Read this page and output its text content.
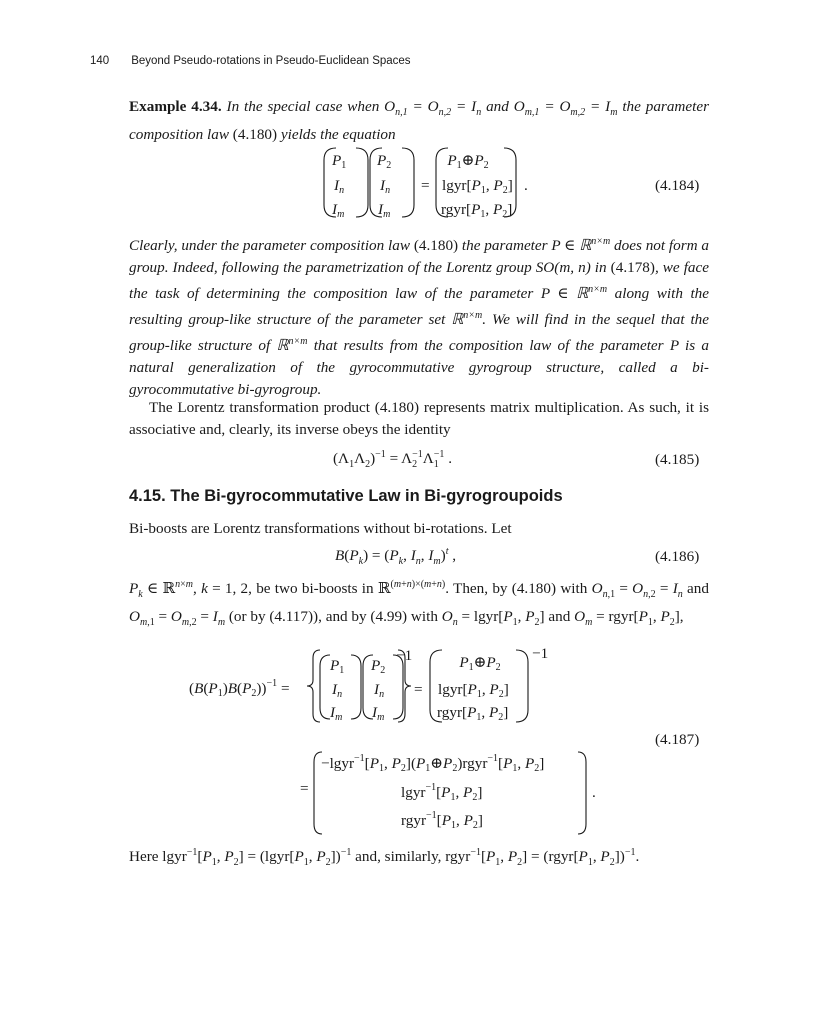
140 Beyond Pseudo-rotations in Pseudo-Euclidean Spaces

Example 4.34. In the special case when $O_{n,1} = O_{n,2} = I_n$ and $O_{m,1} = O_{m,2} = I_m$ the parameter composition law (4.180) yields the equation

P1
In
Im
P2
In
Im
=
P1⊕P2
lgyr[P1, P2]
rgyr[P1, P2]
.	(4.184)

Clearly, under the parameter composition law (4.180) the parameter P ∈ ℝ$^{n\times m}$ does not form a group. Indeed, following the parametrization of the Lorentz group SO(m, n) in (4.178), we face the task of determining the composition law of the parameter P ∈ ℝ$^{n\times m}$ along with the resulting group-like structure of the parameter set ℝ$^{n\times m}$. We will find in the sequel that the group-like structure of ℝ$^{n\times m}$ that results from the composition law of the parameter P is a natural generalization of the gyrocommutative gyrogroup structure, called a bi-gyrocommutative bi-gyrogroup.

The Lorentz transformation product (4.180) represents matrix multiplication. As such, it is associative and, clearly, its inverse obeys the identity

$(\Lambda_1\Lambda_2)^{-1} = \Lambda_2^{-1}\Lambda_1^{-1}$ .	(4.185)
4.15. The Bi-gyrocommutative Law in Bi-gyrogroupoids
Bi-boosts are Lorentz transformations without bi-rotations. Let
$B(P_k) = (P_k$, $I_n$, $I_m)^t$ ,	(4.186)

$P_k$ ∈ ℝ$^{n\times m}$, k = 1, 2, be two bi-boosts in ℝ$^{(m+n)\times(m+n)}$. Then, by (4.180) with $O_{n,1} = O_{n,2} = I_n$ and $O_{m,1} = O_{m,2} = I_m$ (or by (4.117)), and by (4.99) with $O_n$ = $lgyr[P_1$, $P_2$] and $O_m$ = $rgyr[P_1$, $P_2$],

$(B(P1)B(P2))^{-1}$ =
−1
P1
In
Im
P2
In
Im
=
−1
P1⊕P2
lgyr[P1, P2]
rgyr[P1, P2]
=
−lgyr$^{-1}$[P1, P2](P1⊕P2)rgyr$^{-1}$[P1, P2]
lgyr$^{-1}$[P1, P2]
rgyr$^{-1}$[P1, P2]
.
(4.187)

Here $lgyr^{-1}[P_1$, $P_2$] = ($lgyr[P_1$, $P_2])^{-1}$ and, similarly, $rgyr^{-1}[P_1$, $P_2$] = ($rgyr[P_1$, $P_2])^{-1}$.
